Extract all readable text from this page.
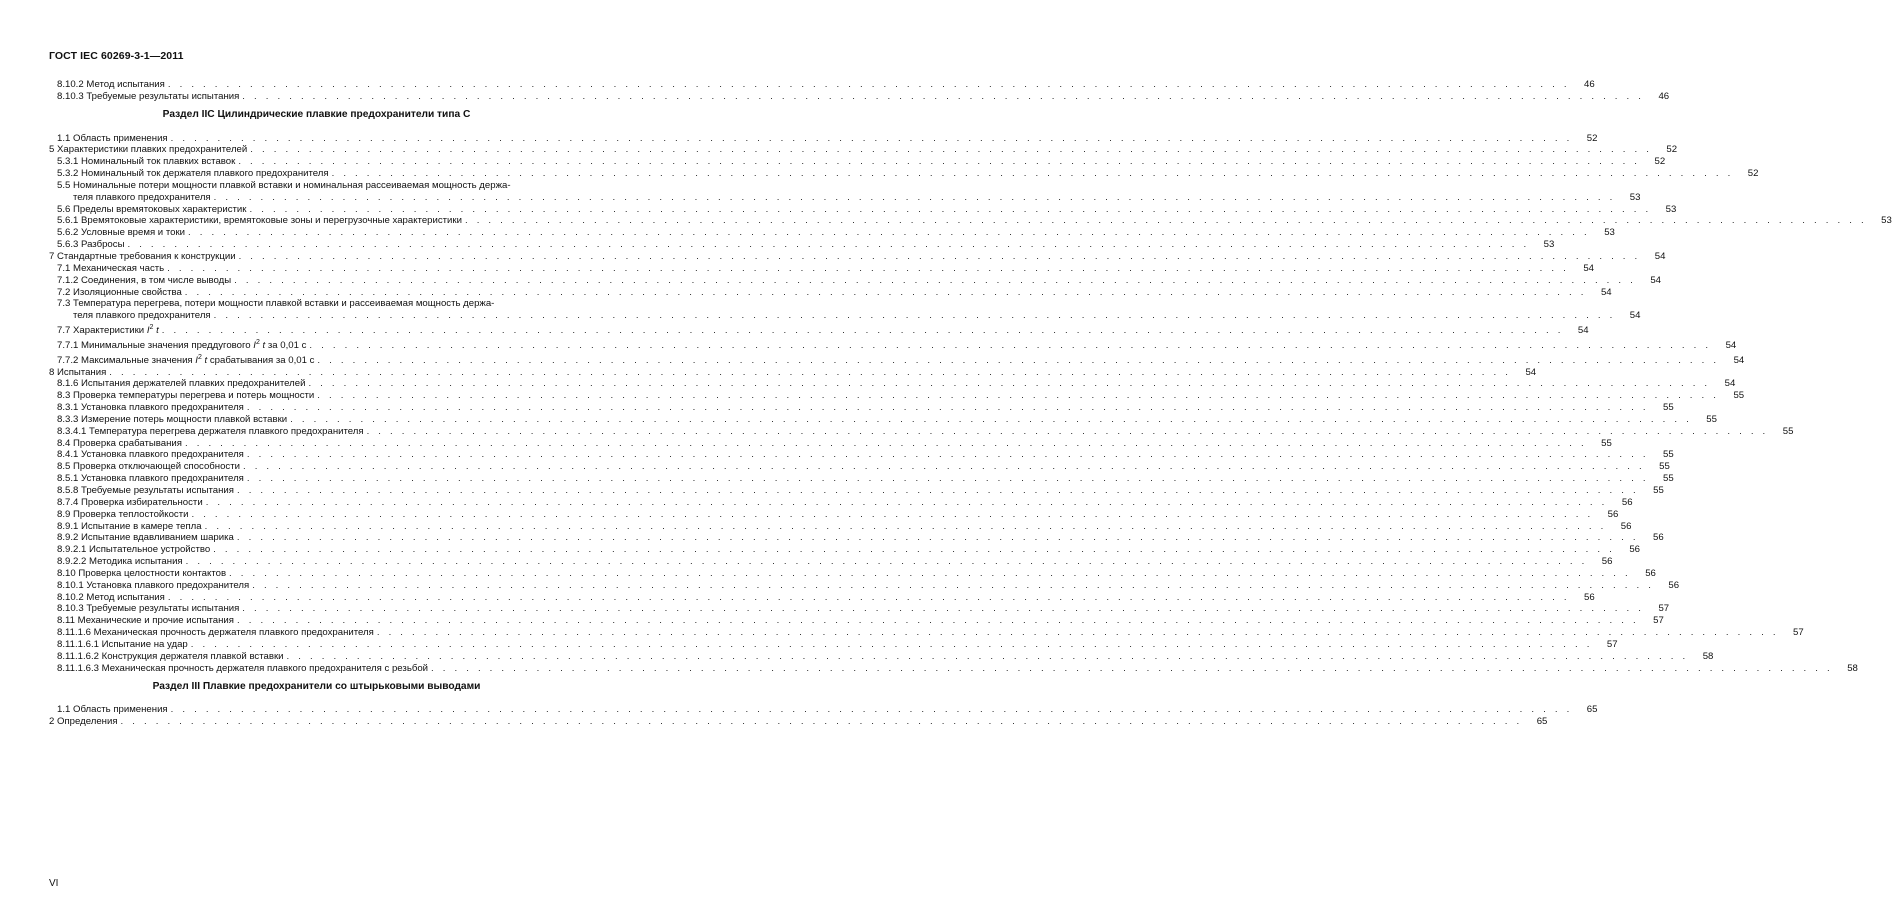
ГОСТ IEC 60269-3-1—2011
8.10.2 Метод испытания . . . . . . . . . . . . . . . . . . . . . . . . . . . . . . . . . . . . . . . . . . . . . . . . . . . . . . . . . . . . . . . . . . . . . . . . . . . . . . . . . . . . . . . . . . . . . . . . . . . . . . . . . . . . . . . . . . . . . . . .	46
8.10.3 Требуемые результаты испытания . . . . . . . . . . . . . . . . . . . . . . . . . . . . . . . . . . . . . . . . . . . . . . . . . . . . . . . . . . . . . . . . . . . . . . . . . . . . . . . . . . . . . . . . . . . . . . . . . . . . . . . . . . . . . . . . . . . . . . . .	46
Раздел IIC Цилиндрические плавкие предохранители типа С
1.1 Область применения . . . . . . . . . . . . . . . . . . . . . . . . . . . . . . . . . . . . . . . . . . . . . . . . . . . . . . . . . . . . . . . . . . . . . . . . . . . . . . . . . . . . . . . . . . . . . . . . . . . . . . . . . . . . . . . . . . . . . . . .	52
5 Характеристики плавких предохранителей . . . . . . . . . . . . . . . . . . . . . . . . . . . . . . . . . . . . . . . . . . . . . . . . . . . . . . . . . . . . . . . . . . . . . . . . . . . . . . . . . . . . . . . . . . . . . . . . . . . . . . . . . . . . . . . . . . . . . . . .	52
5.3.1 Номинальный ток плавких вставок . . . . . . . . . . . . . . . . . . . . . . . . . . . . . . . . . . . . . . . . . . . . . . . . . . . . . . . . . . . . . . . . . . . . . . . . . . . . . . . . . . . . . . . . . . . . . . . . . . . . . . . . . . . . . . . . . . . . . . . .	52
5.3.2 Номинальный ток держателя плавкого предохранителя . . . . . . . . . . . . . . . . . . . . . . . . . . . . . . . . . . . . . . . . . . . . . . . . . . . . . . . . . . . . . . . . . . . . . . . . . . . . . . . . . . . . . . . . . . . . . . . . . . . . . . . . . . . . . . . . . . . . . . . .	52
5.5 Номинальные потери мощности плавкой вставки и номинальная рассеиваемая мощность держа-
теля плавкого предохранителя . . . . . . . . . . . . . . . . . . . . . . . . . . . . . . . . . . . . . . . . . . . . . . . . . . . . . . . . . . . . . . . . . . . . . . . . . . . . . . . . . . . . . . . . . . . . . . . . . . . . . . . . . . . . . . . . . . . . . . . .	53
5.6 Пределы времятоковых характеристик . . . . . . . . . . . . . . . . . . . . . . . . . . . . . . . . . . . . . . . . . . . . . . . . . . . . . . . . . . . . . . . . . . . . . . . . . . . . . . . . . . . . . . . . . . . . . . . . . . . . . . . . . . . . . . . . . . . . . . . .	53
5.6.1 Времятоковые характеристики, времятоковые зоны и перегрузочные характеристики . . . . . . . . . . . . . . . . . . . . . . . . . . . . . . . . . . . . . . . . . . . . . . . . . . . . . . . . . . . . . . . . . . . . . . . . . . . . . . . . . . . . . . . . . . . . . . . . . . . . . . . . . . . . . . . . . . . . . . . .	53
5.6.2 Условные время и токи . . . . . . . . . . . . . . . . . . . . . . . . . . . . . . . . . . . . . . . . . . . . . . . . . . . . . . . . . . . . . . . . . . . . . . . . . . . . . . . . . . . . . . . . . . . . . . . . . . . . . . . . . . . . . . . . . . . . . . . .	53
5.6.3 Разбросы . . . . . . . . . . . . . . . . . . . . . . . . . . . . . . . . . . . . . . . . . . . . . . . . . . . . . . . . . . . . . . . . . . . . . . . . . . . . . . . . . . . . . . . . . . . . . . . . . . . . . . . . . . . . . . . . . . . . . . . .	53
7 Стандартные требования к конструкции . . . . . . . . . . . . . . . . . . . . . . . . . . . . . . . . . . . . . . . . . . . . . . . . . . . . . . . . . . . . . . . . . . . . . . . . . . . . . . . . . . . . . . . . . . . . . . . . . . . . . . . . . . . . . . . . . . . . . . . .	54
7.1 Механическая часть . . . . . . . . . . . . . . . . . . . . . . . . . . . . . . . . . . . . . . . . . . . . . . . . . . . . . . . . . . . . . . . . . . . . . . . . . . . . . . . . . . . . . . . . . . . . . . . . . . . . . . . . . . . . . . . . . . . . . . . .	54
7.1.2 Соединения, в том числе выводы . . . . . . . . . . . . . . . . . . . . . . . . . . . . . . . . . . . . . . . . . . . . . . . . . . . . . . . . . . . . . . . . . . . . . . . . . . . . . . . . . . . . . . . . . . . . . . . . . . . . . . . . . . . . . . . . . . . . . . . .	54
7.2 Изоляционные свойства . . . . . . . . . . . . . . . . . . . . . . . . . . . . . . . . . . . . . . . . . . . . . . . . . . . . . . . . . . . . . . . . . . . . . . . . . . . . . . . . . . . . . . . . . . . . . . . . . . . . . . . . . . . . . . . . . . . . . . . .	54
7.3 Температура перегрева, потери мощности плавкой вставки и рассеиваемая мощность держа-
теля плавкого предохранителя . . . . . . . . . . . . . . . . . . . . . . . . . . . . . . . . . . . . . . . . . . . . . . . . . . . . . . . . . . . . . . . . . . . . . . . . . . . . . . . . . . . . . . . . . . . . . . . . . . . . . . . . . . . . . . . . . . . . . . . .	54
7.7 Характеристики $I^2$ t . . . . . . . . . . . . . . . . . . . . . . . . . . . . . . . . . . . . . . . . . . . . . . . . . . . . . . . . . . . . . . . . . . . . . . . . . . . . . . . . . . . . . . . . . . . . . . . . . . . . . . . . . . . . . . . . . . . . . . . .	54
7.7.1 Минимальные значения преддугового $I^2$ t за 0,01 с . . . . . . . . . . . . . . . . . . . . . . . . . . . . . . . . . . . . . . . . . . . . . . . . . . . . . . . . . . . . . . . . . . . . . . . . . . . . . . . . . . . . . . . . . . . . . . . . . . . . . . . . . . . . . . . . . . . . . . . .	54
7.7.2 Максимальные значения $I^2$ t срабатывания за 0,01 с . . . . . . . . . . . . . . . . . . . . . . . . . . . . . . . . . . . . . . . . . . . . . . . . . . . . . . . . . . . . . . . . . . . . . . . . . . . . . . . . . . . . . . . . . . . . . . . . . . . . . . . . . . . . . . . . . . . . . . . .	54
8 Испытания . . . . . . . . . . . . . . . . . . . . . . . . . . . . . . . . . . . . . . . . . . . . . . . . . . . . . . . . . . . . . . . . . . . . . . . . . . . . . . . . . . . . . . . . . . . . . . . . . . . . . . . . . . . . . . . . . . . . . . . .	54
8.1.6 Испытания держателей плавких предохранителей . . . . . . . . . . . . . . . . . . . . . . . . . . . . . . . . . . . . . . . . . . . . . . . . . . . . . . . . . . . . . . . . . . . . . . . . . . . . . . . . . . . . . . . . . . . . . . . . . . . . . . . . . . . . . . . . . . . . . . . .	54
8.3 Проверка температуры перегрева и потерь мощности . . . . . . . . . . . . . . . . . . . . . . . . . . . . . . . . . . . . . . . . . . . . . . . . . . . . . . . . . . . . . . . . . . . . . . . . . . . . . . . . . . . . . . . . . . . . . . . . . . . . . . . . . . . . . . . . . . . . . . . .	55
8.3.1 Установка плавкого предохранителя . . . . . . . . . . . . . . . . . . . . . . . . . . . . . . . . . . . . . . . . . . . . . . . . . . . . . . . . . . . . . . . . . . . . . . . . . . . . . . . . . . . . . . . . . . . . . . . . . . . . . . . . . . . . . . . . . . . . . . . .	55
8.3.3 Измерение потерь мощности плавкой вставки . . . . . . . . . . . . . . . . . . . . . . . . . . . . . . . . . . . . . . . . . . . . . . . . . . . . . . . . . . . . . . . . . . . . . . . . . . . . . . . . . . . . . . . . . . . . . . . . . . . . . . . . . . . . . . . . . . . . . . . .	55
8.3.4.1 Температура перегрева держателя плавкого предохранителя . . . . . . . . . . . . . . . . . . . . . . . . . . . . . . . . . . . . . . . . . . . . . . . . . . . . . . . . . . . . . . . . . . . . . . . . . . . . . . . . . . . . . . . . . . . . . . . . . . . . . . . . . . . . . . . . . . . . . . . .	55
8.4 Проверка срабатывания . . . . . . . . . . . . . . . . . . . . . . . . . . . . . . . . . . . . . . . . . . . . . . . . . . . . . . . . . . . . . . . . . . . . . . . . . . . . . . . . . . . . . . . . . . . . . . . . . . . . . . . . . . . . . . . . . . . . . . . .	55
8.4.1 Установка плавкого предохранителя . . . . . . . . . . . . . . . . . . . . . . . . . . . . . . . . . . . . . . . . . . . . . . . . . . . . . . . . . . . . . . . . . . . . . . . . . . . . . . . . . . . . . . . . . . . . . . . . . . . . . . . . . . . . . . . . . . . . . . . .	55
8.5 Проверка отключающей способности . . . . . . . . . . . . . . . . . . . . . . . . . . . . . . . . . . . . . . . . . . . . . . . . . . . . . . . . . . . . . . . . . . . . . . . . . . . . . . . . . . . . . . . . . . . . . . . . . . . . . . . . . . . . . . . . . . . . . . . .	55
8.5.1 Установка плавкого предохранителя . . . . . . . . . . . . . . . . . . . . . . . . . . . . . . . . . . . . . . . . . . . . . . . . . . . . . . . . . . . . . . . . . . . . . . . . . . . . . . . . . . . . . . . . . . . . . . . . . . . . . . . . . . . . . . . . . . . . . . . .	55
8.5.8 Требуемые результаты испытания . . . . . . . . . . . . . . . . . . . . . . . . . . . . . . . . . . . . . . . . . . . . . . . . . . . . . . . . . . . . . . . . . . . . . . . . . . . . . . . . . . . . . . . . . . . . . . . . . . . . . . . . . . . . . . . . . . . . . . . .	55
8.7.4 Проверка избирательности . . . . . . . . . . . . . . . . . . . . . . . . . . . . . . . . . . . . . . . . . . . . . . . . . . . . . . . . . . . . . . . . . . . . . . . . . . . . . . . . . . . . . . . . . . . . . . . . . . . . . . . . . . . . . . . . . . . . . . . .	56
8.9 Проверка теплостойкости . . . . . . . . . . . . . . . . . . . . . . . . . . . . . . . . . . . . . . . . . . . . . . . . . . . . . . . . . . . . . . . . . . . . . . . . . . . . . . . . . . . . . . . . . . . . . . . . . . . . . . . . . . . . . . . . . . . . . . . .	56
8.9.1 Испытание в камере тепла . . . . . . . . . . . . . . . . . . . . . . . . . . . . . . . . . . . . . . . . . . . . . . . . . . . . . . . . . . . . . . . . . . . . . . . . . . . . . . . . . . . . . . . . . . . . . . . . . . . . . . . . . . . . . . . . . . . . . . . .	56
8.9.2 Испытание вдавливанием шарика . . . . . . . . . . . . . . . . . . . . . . . . . . . . . . . . . . . . . . . . . . . . . . . . . . . . . . . . . . . . . . . . . . . . . . . . . . . . . . . . . . . . . . . . . . . . . . . . . . . . . . . . . . . . . . . . . . . . . . . .	56
8.9.2.1 Испытательное устройство . . . . . . . . . . . . . . . . . . . . . . . . . . . . . . . . . . . . . . . . . . . . . . . . . . . . . . . . . . . . . . . . . . . . . . . . . . . . . . . . . . . . . . . . . . . . . . . . . . . . . . . . . . . . . . . . . . . . . . . .	56
8.9.2.2 Методика испытания . . . . . . . . . . . . . . . . . . . . . . . . . . . . . . . . . . . . . . . . . . . . . . . . . . . . . . . . . . . . . . . . . . . . . . . . . . . . . . . . . . . . . . . . . . . . . . . . . . . . . . . . . . . . . . . . . . . . . . . .	56
8.10 Проверка целостности контактов . . . . . . . . . . . . . . . . . . . . . . . . . . . . . . . . . . . . . . . . . . . . . . . . . . . . . . . . . . . . . . . . . . . . . . . . . . . . . . . . . . . . . . . . . . . . . . . . . . . . . . . . . . . . . . . . . . . . . . . .	56
8.10.1 Установка плавкого предохранителя . . . . . . . . . . . . . . . . . . . . . . . . . . . . . . . . . . . . . . . . . . . . . . . . . . . . . . . . . . . . . . . . . . . . . . . . . . . . . . . . . . . . . . . . . . . . . . . . . . . . . . . . . . . . . . . . . . . . . . . .	56
8.10.2 Метод испытания . . . . . . . . . . . . . . . . . . . . . . . . . . . . . . . . . . . . . . . . . . . . . . . . . . . . . . . . . . . . . . . . . . . . . . . . . . . . . . . . . . . . . . . . . . . . . . . . . . . . . . . . . . . . . . . . . . . . . . . .	56
8.10.3 Требуемые результаты испытания . . . . . . . . . . . . . . . . . . . . . . . . . . . . . . . . . . . . . . . . . . . . . . . . . . . . . . . . . . . . . . . . . . . . . . . . . . . . . . . . . . . . . . . . . . . . . . . . . . . . . . . . . . . . . . . . . . . . . . . .	57
8.11 Механические и прочие испытания . . . . . . . . . . . . . . . . . . . . . . . . . . . . . . . . . . . . . . . . . . . . . . . . . . . . . . . . . . . . . . . . . . . . . . . . . . . . . . . . . . . . . . . . . . . . . . . . . . . . . . . . . . . . . . . . . . . . . . . .	57
8.11.1.6 Механическая прочность держателя плавкого предохранителя . . . . . . . . . . . . . . . . . . . . . . . . . . . . . . . . . . . . . . . . . . . . . . . . . . . . . . . . . . . . . . . . . . . . . . . . . . . . . . . . . . . . . . . . . . . . . . . . . . . . . . . . . . . . . . . . . . . . . . . .	57
8.11.1.6.1 Испытание на удар . . . . . . . . . . . . . . . . . . . . . . . . . . . . . . . . . . . . . . . . . . . . . . . . . . . . . . . . . . . . . . . . . . . . . . . . . . . . . . . . . . . . . . . . . . . . . . . . . . . . . . . . . . . . . . . . . . . . . . . .	57
8.11.1.6.2 Конструкция держателя плавкой вставки . . . . . . . . . . . . . . . . . . . . . . . . . . . . . . . . . . . . . . . . . . . . . . . . . . . . . . . . . . . . . . . . . . . . . . . . . . . . . . . . . . . . . . . . . . . . . . . . . . . . . . . . . . . . . . . . . . . . . . . .	58
8.11.1.6.3 Механическая прочность держателя плавкого предохранителя с резьбой . . . . . . . . . . . . . . . . . . . . . . . . . . . . . . . . . . . . . . . . . . . . . . . . . . . . . . . . . . . . . . . . . . . . . . . . . . . . . . . . . . . . . . . . . . . . . . . . . . . . . . . . . . . . . . . . . . . . . . . .	58
Раздел III Плавкие предохранители со штырьковыми выводами
1.1 Область применения . . . . . . . . . . . . . . . . . . . . . . . . . . . . . . . . . . . . . . . . . . . . . . . . . . . . . . . . . . . . . . . . . . . . . . . . . . . . . . . . . . . . . . . . . . . . . . . . . . . . . . . . . . . . . . . . . . . . . . . .	65
2 Определения . . . . . . . . . . . . . . . . . . . . . . . . . . . . . . . . . . . . . . . . . . . . . . . . . . . . . . . . . . . . . . . . . . . . . . . . . . . . . . . . . . . . . . . . . . . . . . . . . . . . . . . . . . . . . . . . . . . . . . . .	65
VI
